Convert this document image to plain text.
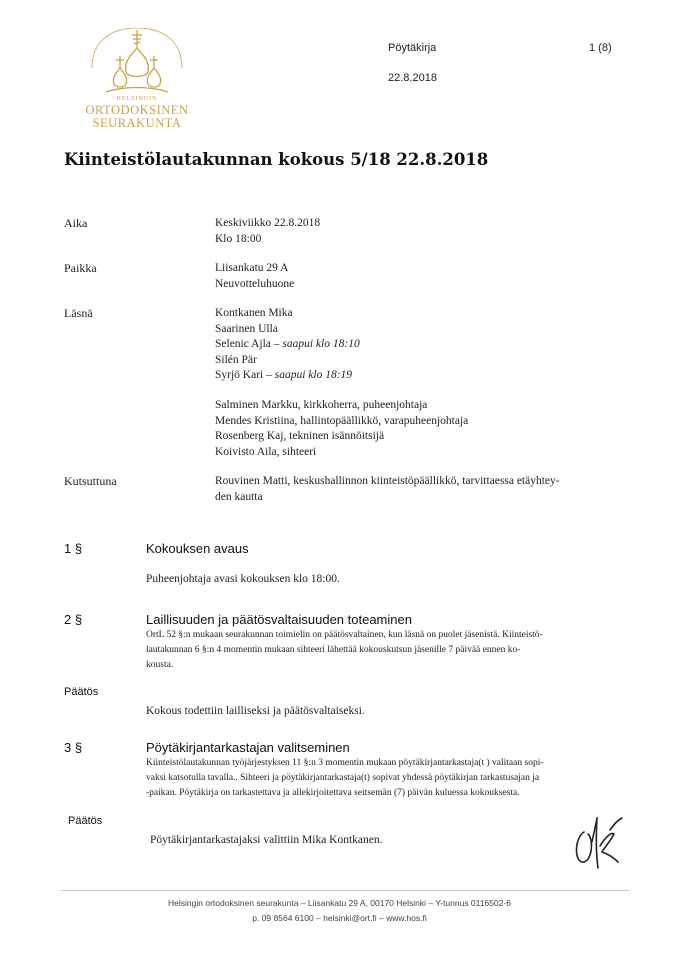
HELSINGIN
ORTODOKSINEN
SEURAKUNTA
Pöytäkirja	1 (8)
22.8.2018
Kiinteistölautakunnan kokous 5/18 22.8.2018
Aika	Keskiviikko 22.8.2018
Klo 18:00
Paikka	Liisankatu 29 A
Neuvotteluhuone
Läsnä	Kontkanen Mika
Saarinen Ulla
Selenic Ajla – saapui klo 18:10
Silén Pär
Syrjö Kari – saapui klo 18:19
Salminen Markku, kirkkoherra, puheenjohtaja
Mendes Kristiina, hallintopäällikkö, varapuheenjohtaja
Rosenberg Kaj, tekninen isännöitsijä
Koivisto Aila, sihteeri
Kutsuttuna	Rouvinen Matti, keskushallinnon kiinteistöpäällikkö, tarvittaessa etäyhtey-
den kautta
1 §	Kokouksen avaus
Puheenjohtaja avasi kokouksen klo 18:00.
2 §	Laillisuuden ja päätösvaltaisuuden toteaminen
OrtL 52 §:n mukaan seurakunnan toimielin on päätösvaltainen, kun läsnä on puolet jäsenistä. Kiinteistö-
lautakunnan 6 §:n 4 momentin mukaan sihteeri lähettää kokouskutsun jäsenille 7 päivää ennen ko-
kousta.
Päätös
Kokous todettiin lailliseksi ja päätösvaltaiseksi.
3 §	Pöytäkirjantarkastajan valitseminen
Kiinteistölautakunnan työjärjestyksen 11 §:n 3 momentin mukaan pöytäkirjantarkastaja(t ) valitaan sopi-
vaksi katsotulla tavalla.. Sihteeri ja pöytäkirjantarkastaja(t) sopivat yhdessä pöytäkirjan tarkastusajan ja
-paikan. Pöytäkirja on tarkastettava ja allekirjoitettava seitsemän (7) päivän kuluessa kokouksesta.
Päätös
Pöytäkirjantarkastajaksi valittiin Mika Kontkanen.
Helsingin ortodoksinen seurakunta – Liisankatu 29 A, 00170 Helsinki – Y-tunnus 0116502-6
p. 09 8564 6100 – helsinki@ort.fi – www.hos.fi
